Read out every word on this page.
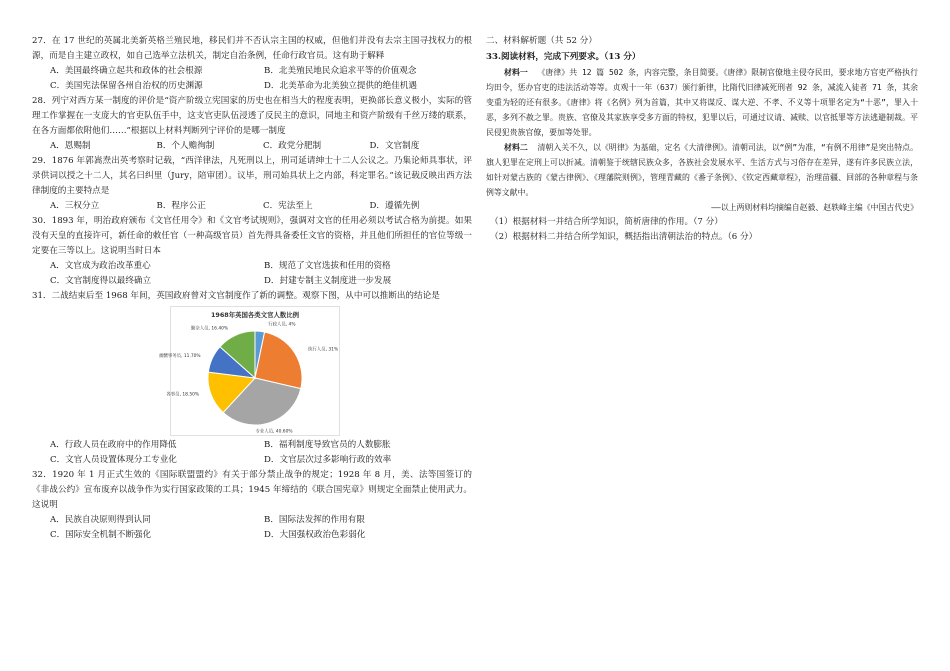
27．在 17 世纪的英属北美新英格兰殖民地，移民们并不否认宗主国的权威，但他们并没有去宗主国寻找权力的根源，而是自主建立政权，如自己选举立法机关，制定自治条例，任命行政官员。这有助于解释
A．美国最终确立起共和政体的社会根源	B．北美殖民地民众追求平等的价值观念
C．美国宪法保留各州自治权的历史渊源	D．北美革命为北美独立提供的绝佳机遇
28．列宁对西方某一制度的评价是“资产阶级立宪国家的历史也在相当大的程度表明，更换部长意义极小，实际的管理工作掌握在一支庞大的官吏队伍手中，这支官吏队伍浸透了反民主的意识，同地主和资产阶级有千丝万缕的联系，在各方面都依附他们……”根据以上材料判断列宁评价的是哪一制度
A．恩赐制	B．个人赡徇制	C．政党分肥制	D．文官制度
29．1876 年郭嵩焘出英考察时记载，“西洋律法，凡死刑以上，刑司延请绅士十二人公议之。乃集论师具事状，评录供词以授之十二人，其名曰纠里（Jury，陪审团）。议毕，刑司始具状上之内部，科定罪名。”该记载反映出西方法律制度的主要特点是
A．三权分立	B．程序公正	C．宪法至上	D．遵循先例
30．1893 年，明治政府颁布《文官任用令》和《文官考试规则》，强调对文官的任用必须以考试合格为前提。如果没有天皇的直接许可，新任命的敕任官（一种高级官员）首先得具备委任文官的资格，并且他们所担任的官位等级一定要在三等以上。这说明当时日本
A．文官成为政治改革重心	B．规范了文官选拔和任用的资格
C．文官制度得以最终确立	D．封建专制主义制度进一步发展
31．二战结束后至 1968 年间，英国政府曾对文官制度作了新的调整。观察下图，从中可以推断出的结论是
1968年英国各类文官人数比例
行政人员, 4%
执行人员, 31%
专业人员, 40.60%
各事员, 18.50%
幽嬲事务员, 11.70%
勤杂人员, 16.40%
A．行政人员在政府中的作用降低	B．福利制度导致官员的人数膨胀
C．文官人员设置体现分工专业化	D．文官层次过多影响行政的效率
32．1920 年 1 月正式生效的《国际联盟盟约》有关于部分禁止战争的规定；1928 年 8 月，美、法等国签订的《非战公约》宣布废弃以战争作为实行国家政策的工具；1945 年缔结的《联合国宪章》则规定全面禁止使用武力。这说明
A．民族自决原则得到认同	B．国际法发挥的作用有限
C．国际安全机制不断强化	D．大国强权政治色彩弱化
二、材料解析题（共 52 分）
33.阅读材料，完成下列要求。（13 分）
材料一 《唐律》共 12 篇 502 条，内容完整，条目简要。《唐律》限制官僚地主侵夺民田，要求地方官吏严格执行均田令，惩办官吏的违法活动等等。贞观十一年（637）颁行新律，比隋代旧律减死刑者 92 条，减流入徒者 71 条，其余变重为轻的还有很多。《唐律》将《名例》列为首篇，其中又将谋反、谋大逆、不孝、不义等十项罪名定为“十恶”，罪入十恶，多列不赦之罪。贵族、官僚及其家族享受多方面的特权，犯罪以后，可通过议请、减赎、以官抵罪等方法逃避制裁。平民侵犯贵族官僚，要加等处罪。
材料二 清朝入关不久，以《明律》为基础，定名《大清律例》。清朝司法，以“例”为准，“有例不用律”是突出特点。旗人犯罪在定刑上可以折减。清朝鉴于统辖民族众多，各族社会发展水平、生活方式与习俗存在差异，遂有许多民族立法，如针对蒙古族的《蒙古律例》、《理藩院则例》，管理青藏的《番子条例》、《钦定西藏章程》，治理苗疆、回部的各种章程与条例等文献中。
——以上两则材料均摘编自赵毅、赵轶峰主编《中国古代史》
（1）根据材料一并结合所学知识，简析唐律的作用。（7 分）
（2）根据材料二并结合所学知识，概括指出清朝法治的特点。（6 分）
